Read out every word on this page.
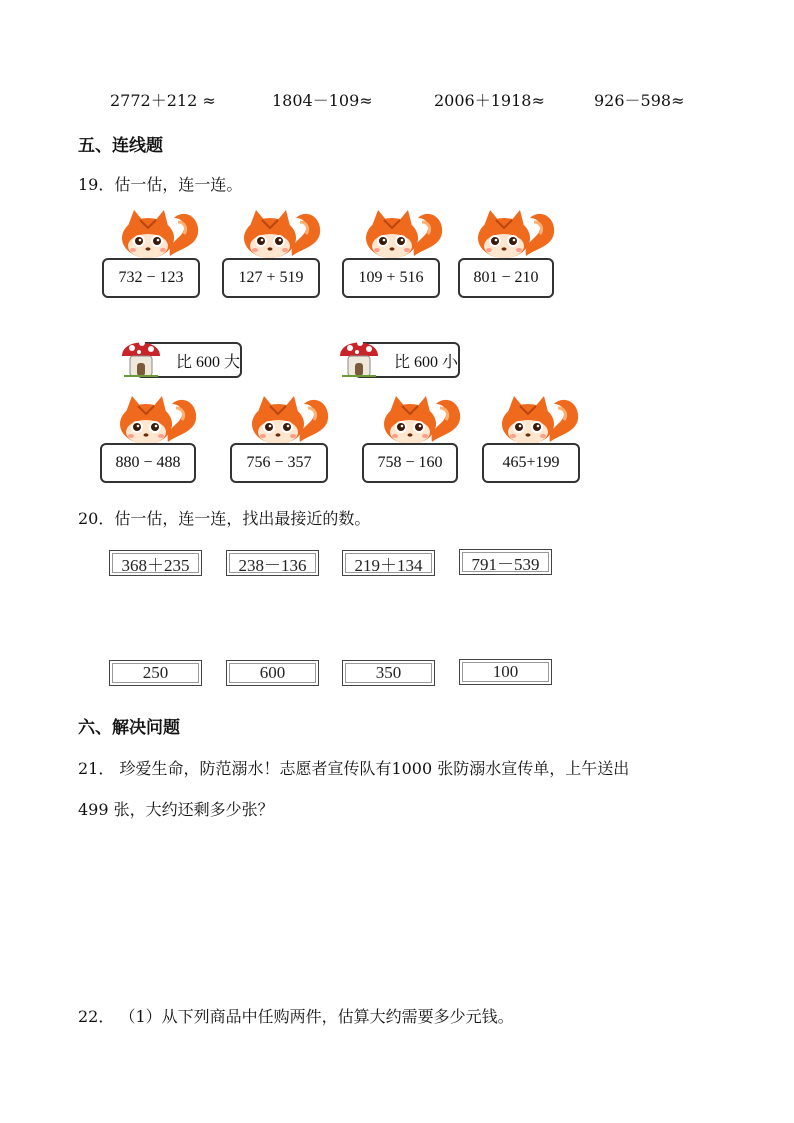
2772＋212 ≈	1804－109≈	2006＋1918≈	926－598≈
五、连线题
19．估一估，连一连。
732 − 123	127 + 519	109 + 516	801 − 210
比 600 大	比 600 小
880 − 488	756 − 357	758 − 160	465+199
20．估一估，连一连，找出最接近的数。
368＋235	238－136	219＋134	791－539
250	600	350	100
六、解决问题
21． 珍爱生命，防范溺水！志愿者宣传队有1000 张防溺水宣传单，上午送出
499 张，大约还剩多少张？
22． （1）从下列商品中任购两件，估算大约需要多少元钱。
